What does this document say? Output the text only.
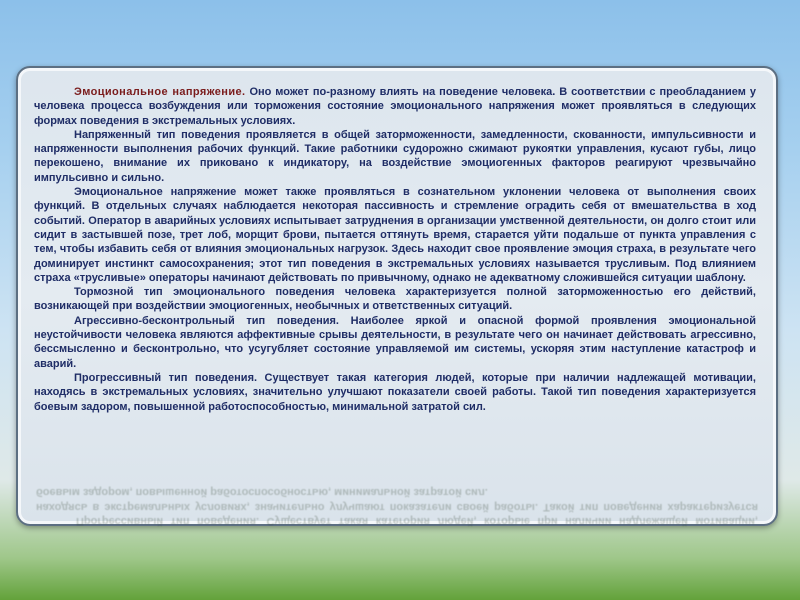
Эмоциональное напряжение. Оно может по-разному влиять на поведение человека. В соответствии с преобладанием у человека процесса возбуждения или торможения состояние эмоционального напряжения может проявляться в следующих формах поведения в экстремальных условиях.

Напряженный тип поведения проявляется в общей заторможенности, замедленности, скованности, импульсивности и напряженности выполнения рабочих функций. Такие работники судорожно сжимают рукоятки управления, кусают губы, лицо перекошено, внимание их приковано к индикатору, на воздействие эмоциогенных факторов реагируют чрезвычайно импульсивно и сильно.

Эмоциональное напряжение может также проявляться в сознательном уклонении человека от выполнения своих функций. В отдельных случаях наблюдается некоторая пассивность и стремление оградить себя от вмешательства в ход событий. Оператор в аварийных условиях испытывает затруднения в организации умственной деятельности, он долго стоит или сидит в застывшей позе, трет лоб, морщит брови, пытается оттянуть время, старается уйти подальше от пункта управления с тем, чтобы избавить себя от влияния эмоциональных нагрузок. Здесь находит свое проявление эмоция страха, в результате чего доминирует инстинкт самосохранения; этот тип поведения в экстремальных условиях называется трусливым. Под влиянием страха «трусливые» операторы начинают действовать по привычному, однако не адекватному сложившейся ситуации шаблону.

Тормозной тип эмоционального поведения человека характеризуется полной заторможенностью его действий, возникающей при воздействии эмоциогенных, необычных и ответственных ситуаций.

Агрессивно-бесконтрольный тип поведения. Наиболее яркой и опасной формой проявления эмоциональной неустойчивости человека являются аффективные срывы деятельности, в результате чего он начинает действовать агрессивно, бессмысленно и бесконтрольно, что усугубляет состояние управляемой им системы, ускоряя этим наступление катастроф и аварий.

Прогрессивный тип поведения. Существует такая категория людей, которые при наличии надлежащей мотивации, находясь в экстремальных условиях, значительно улучшают показатели своей работы. Такой тип поведения характеризуется боевым задором, повышенной работоспособностью, минимальной затратой сил.

Прогрессивный тип поведения. Существует такая категория людей, которые при наличии надлежащей мотивации, находясь в экстремальных условиях, значительно улучшают показатели своей работы. Такой тип поведения характеризуется боевым задором, повышенной работоспособностью, минимальной затратой сил.
